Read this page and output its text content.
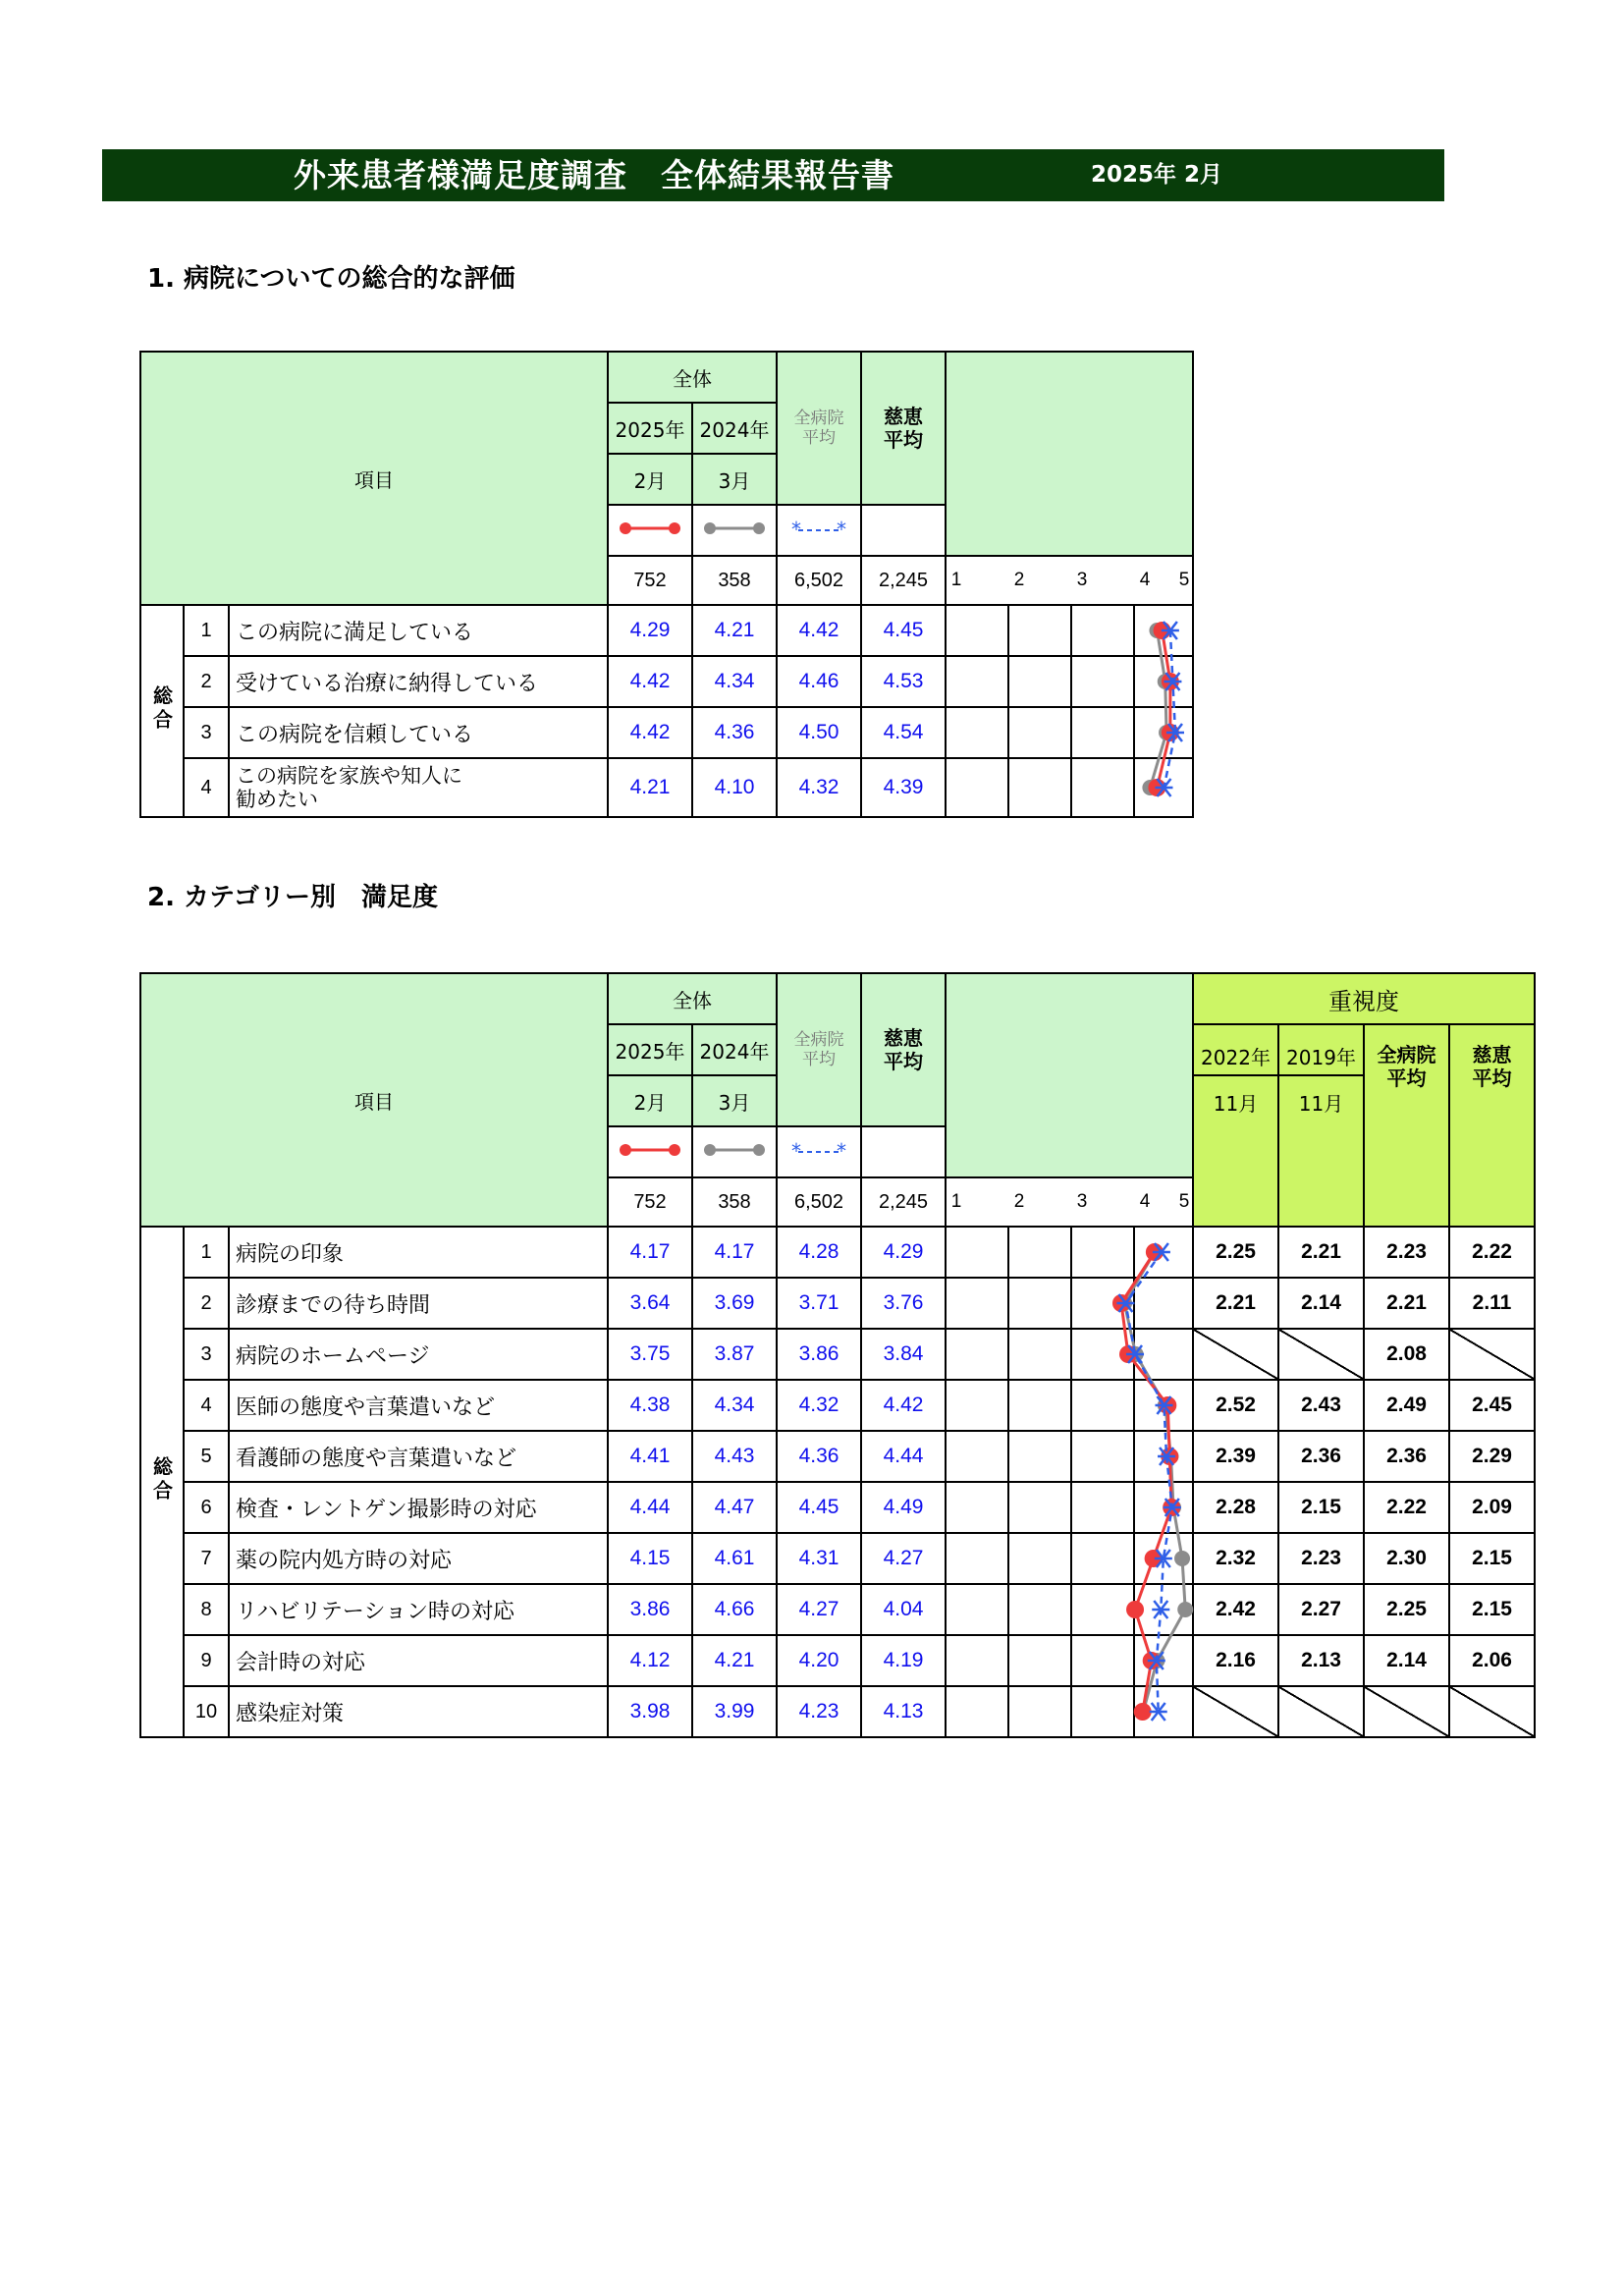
外来患者様満足度調査　全体結果報告書	2025年 2月
1. 病院についての総合的な評価
2. カテゴリー別　満足度
項目			全体		全病院
平均	慈恵
平均				
			2025年	2024年						
			2月	3月						

* *					

			752	358	6,502	2,245	1 2 3 4 5			

総合	1	この病院に満足している	4.29	4.21	4.42	4.45				
	2	受けている治療に納得している	4.42	4.34	4.46	4.53				
	3	この病院を信頼している	4.42	4.36	4.50	4.54				
	4	この病院を家族や知人に
勧めたい	4.21	4.10	4.32	4.39				
項目			全体		全病院
平均	慈恵
平均					重視度			
			2025年	2024年							2022年	2019年	全病院
平均	慈恵
平均
			2月	3月							11月	11月		

* *									

			752	358	6,502	2,245	1 2 3 4 5							

総合	1	病院の印象	4.17	4.17	4.28	4.29					2.25	2.21	2.23	2.22
	2	診療までの待ち時間	3.64	3.69	3.71	3.76					2.21	2.14	2.21	2.11
	3	病院のホームページ	3.75	3.87	3.86	3.84							2.08	
	4	医師の態度や言葉遣いなど	4.38	4.34	4.32	4.42					2.52	2.43	2.49	2.45
	5	看護師の態度や言葉遣いなど	4.41	4.43	4.36	4.44					2.39	2.36	2.36	2.29
	6	検査・レントゲン撮影時の対応	4.44	4.47	4.45	4.49					2.28	2.15	2.22	2.09
	7	薬の院内処方時の対応	4.15	4.61	4.31	4.27					2.32	2.23	2.30	2.15
	8	リハビリテーション時の対応	3.86	4.66	4.27	4.04					2.42	2.27	2.25	2.15
	9	会計時の対応	4.12	4.21	4.20	4.19					2.16	2.13	2.14	2.06
	10	感染症対策	3.98	3.99	4.23	4.13								
